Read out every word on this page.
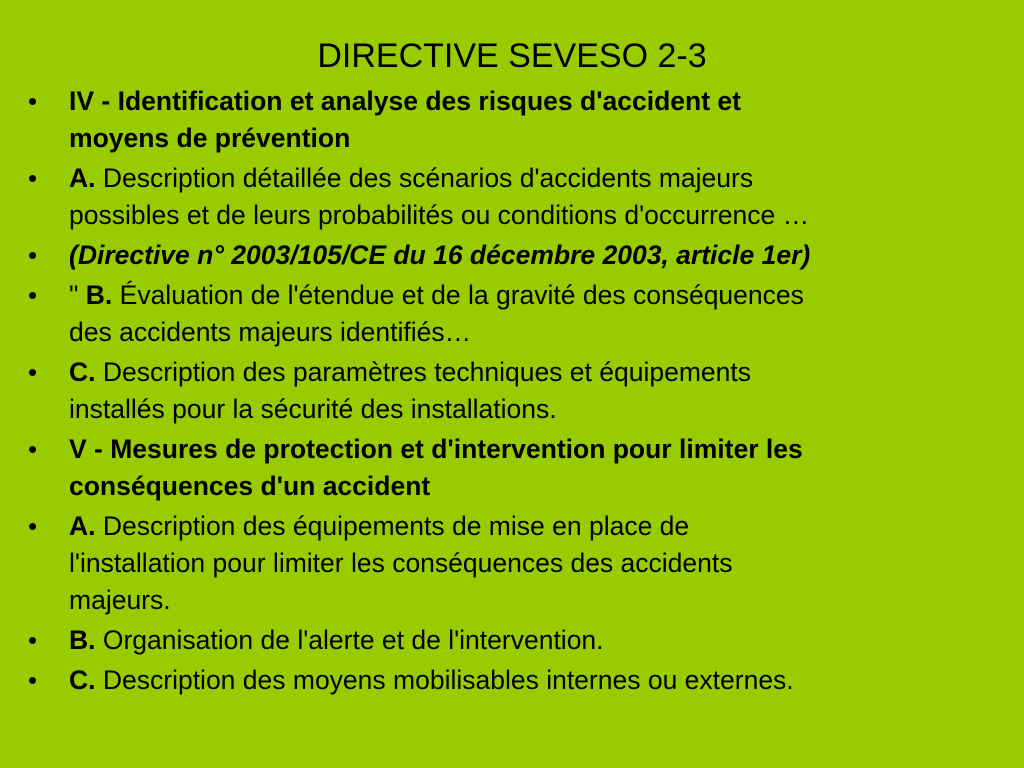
DIRECTIVE SEVESO 2-3
•	IV - Identification et analyse des risques d'accident et
moyens de prévention
•	A. Description détaillée des scénarios d'accidents majeurs
possibles et de leurs probabilités ou conditions d'occurrence …
•	(Directive n° 2003/105/CE du 16 décembre 2003, article 1er)
•	" B. Évaluation de l'étendue et de la gravité des conséquences
des accidents majeurs identifiés…
•	C. Description des paramètres techniques et équipements
installés pour la sécurité des installations.
•	V - Mesures de protection et d'intervention pour limiter les
conséquences d'un accident
•	A. Description des équipements de mise en place de
l'installation pour limiter les conséquences des accidents
majeurs.
•	B. Organisation de l'alerte et de l'intervention.
•	C. Description des moyens mobilisables internes ou externes.
